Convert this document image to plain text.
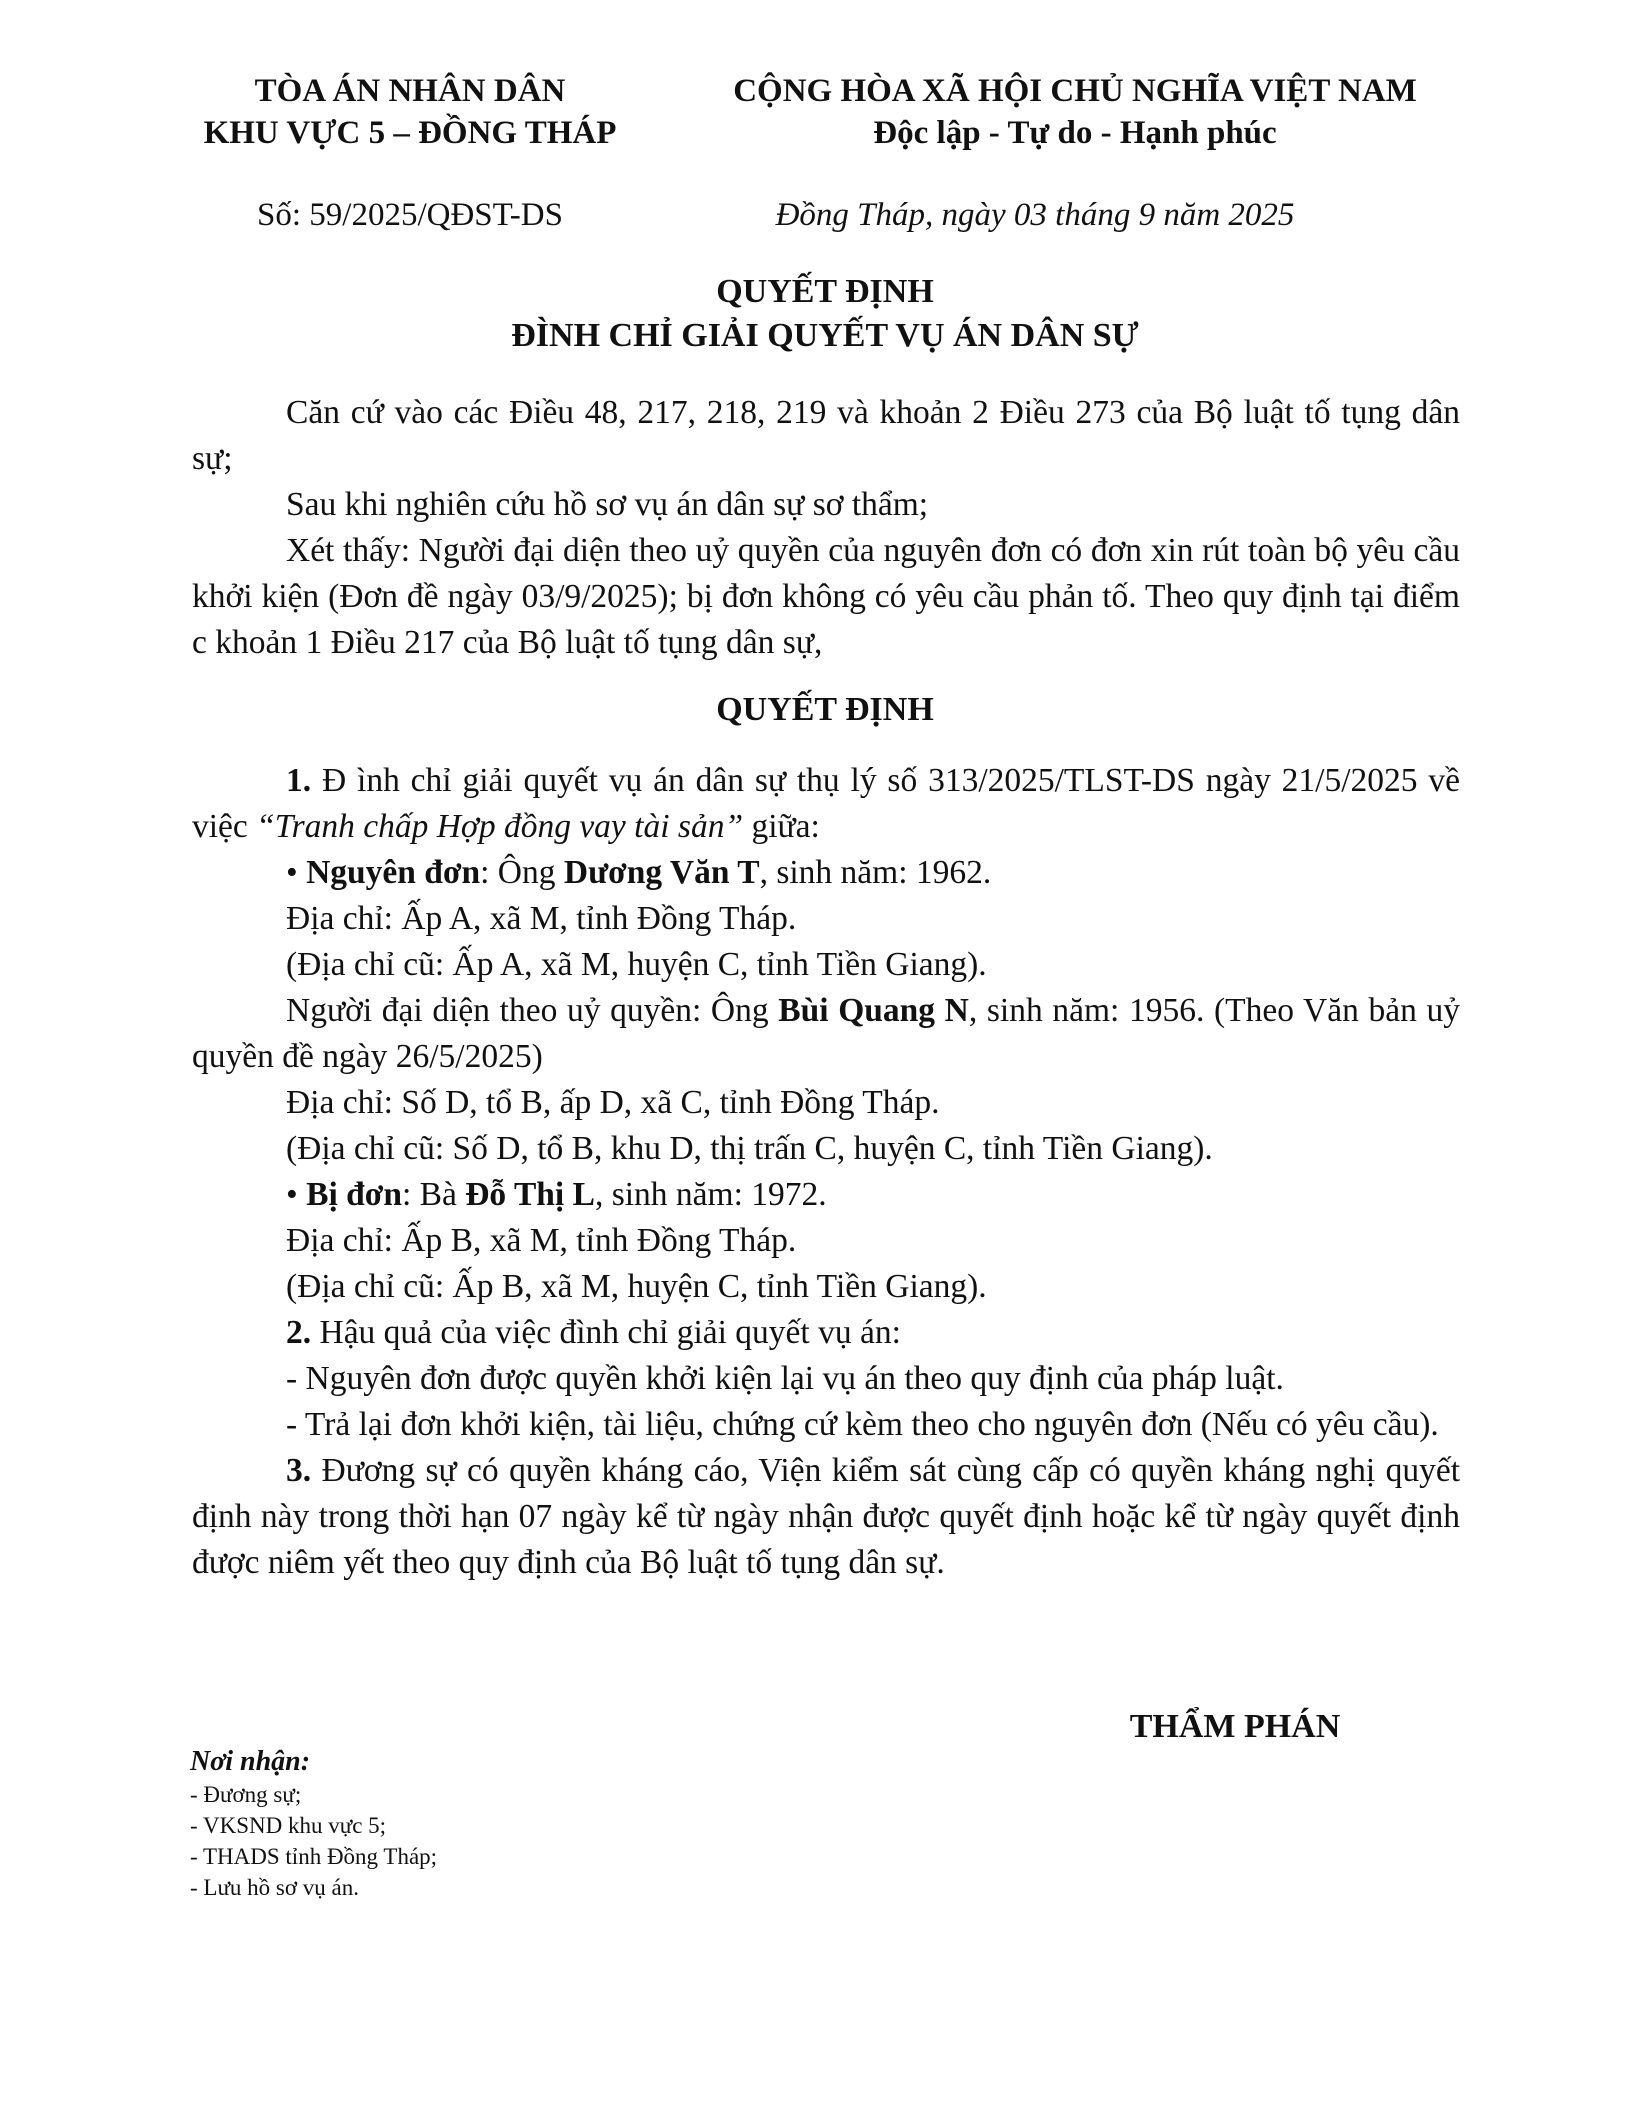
TÒA ÁN NHÂN DÂN
KHU VỰC 5 – ĐỒNG THÁP
CỘNG HÒA XÃ HỘI CHỦ NGHĨA VIỆT NAM
Độc lập - Tự do - Hạnh phúc
Số: 59/2025/QĐST-DS	Đồng Tháp, ngày 03 tháng 9 năm 2025
QUYẾT ĐỊNH
ĐÌNH CHỈ GIẢI QUYẾT VỤ ÁN DÂN SỰ

Căn cứ vào các Điều 48, 217, 218, 219 và khoản 2 Điều 273 của Bộ luật tố tụng dân sự;

Sau khi nghiên cứu hồ sơ vụ án dân sự sơ thẩm;

Xét thấy: Người đại diện theo uỷ quyền của nguyên đơn có đơn xin rút toàn bộ yêu cầu khởi kiện (Đơn đề ngày 03/9/2025); bị đơn không có yêu cầu phản tố. Theo quy định tại điểm c khoản 1 Điều 217 của Bộ luật tố tụng dân sự,

QUYẾT ĐỊNH

1. Đ ình chỉ giải quyết vụ án dân sự thụ lý số 313/2025/TLST-DS ngày 21/5/2025 về việc “Tranh chấp Hợp đồng vay tài sản” giữa:

• Nguyên đơn: Ông Dương Văn T, sinh năm: 1962.

Địa chỉ: Ấp A, xã M, tỉnh Đồng Tháp.

(Địa chỉ cũ: Ấp A, xã M, huyện C, tỉnh Tiền Giang).

Người đại diện theo uỷ quyền: Ông Bùi Quang N, sinh năm: 1956. (Theo Văn bản uỷ quyền đề ngày 26/5/2025)

Địa chỉ: Số D, tổ B, ấp D, xã C, tỉnh Đồng Tháp.

(Địa chỉ cũ: Số D, tổ B, khu D, thị trấn C, huyện C, tỉnh Tiền Giang).

• Bị đơn: Bà Đỗ Thị L, sinh năm: 1972.

Địa chỉ: Ấp B, xã M, tỉnh Đồng Tháp.

(Địa chỉ cũ: Ấp B, xã M, huyện C, tỉnh Tiền Giang).

2. Hậu quả của việc đình chỉ giải quyết vụ án:

- Nguyên đơn được quyền khởi kiện lại vụ án theo quy định của pháp luật.

- Trả lại đơn khởi kiện, tài liệu, chứng cứ kèm theo cho nguyên đơn (Nếu có yêu cầu).

3. Đương sự có quyền kháng cáo, Viện kiểm sát cùng cấp có quyền kháng nghị quyết định này trong thời hạn 07 ngày kể từ ngày nhận được quyết định hoặc kể từ ngày quyết định được niêm yết theo quy định của Bộ luật tố tụng dân sự.

THẨM PHÁN
Nơi nhận:
- Đương sự;
- VKSND khu vực 5;
- THADS tỉnh Đồng Tháp;
- Lưu hồ sơ vụ án.
